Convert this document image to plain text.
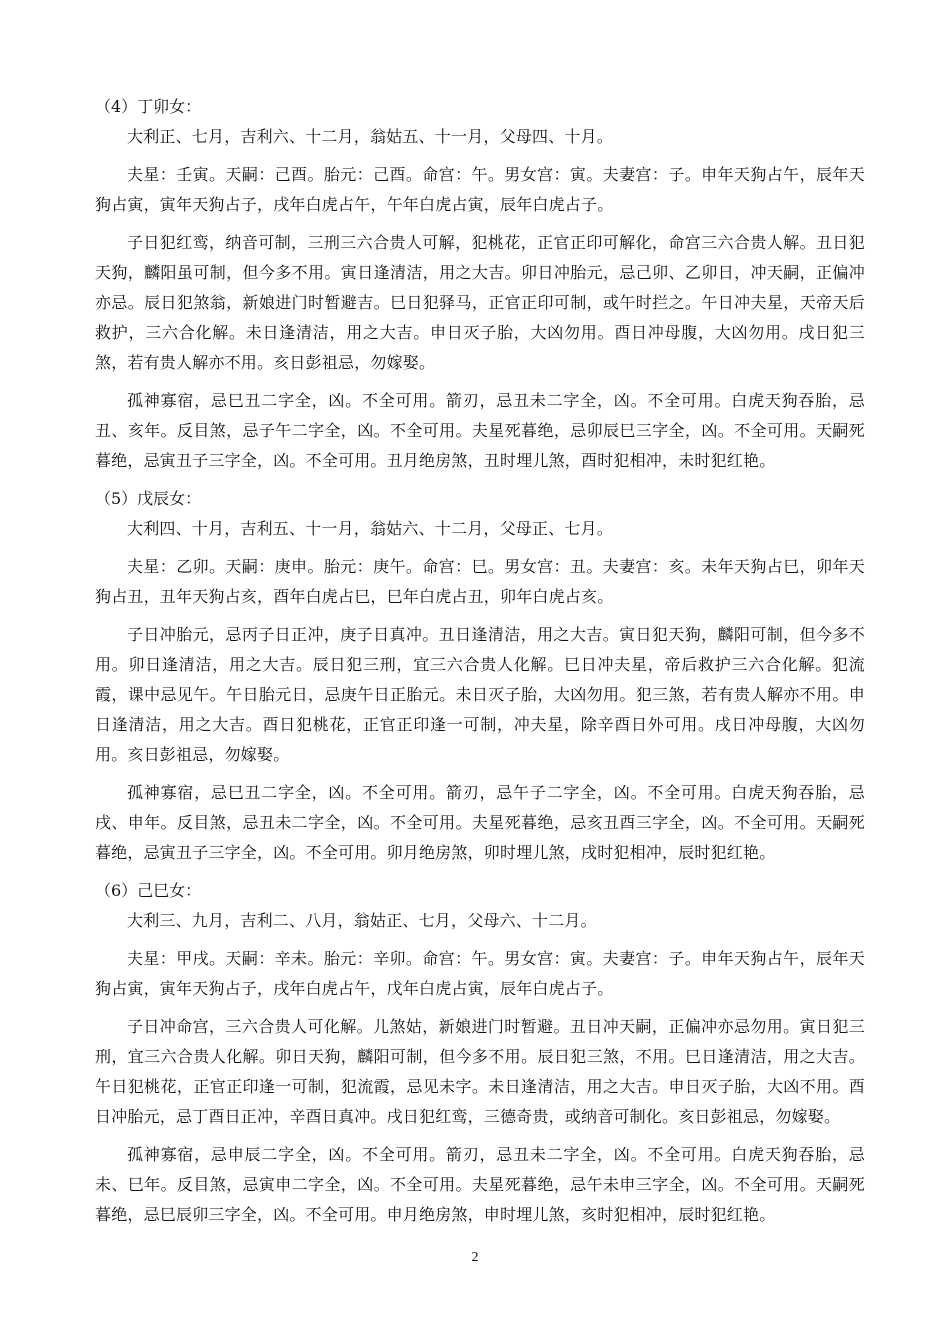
（4）丁卯女：

大利正、七月，吉利六、十二月，翁姑五、十一月，父母四、十月。

夫星：壬寅。天嗣：己酉。胎元：己酉。命宫：午。男女宫：寅。夫妻宫：子。申年天狗占午，辰年天狗占寅，寅年天狗占子，戌年白虎占午，午年白虎占寅，辰年白虎占子。

子日犯红鸾，纳音可制，三刑三六合贵人可解，犯桃花，正官正印可解化，命宫三六合贵人解。丑日犯天狗，麟阳虽可制，但今多不用。寅日逢清洁，用之大吉。卯日冲胎元，忌己卯、乙卯日，冲天嗣，正偏冲亦忌。辰日犯煞翁，新娘进门时暂避吉。巳日犯驿马，正官正印可制，或午时拦之。午日冲夫星，天帝天后救护，三六合化解。未日逢清洁，用之大吉。申日灭子胎，大凶勿用。酉日冲母腹，大凶勿用。戌日犯三煞，若有贵人解亦不用。亥日彭祖忌，勿嫁娶。

孤神寡宿，忌巳丑二字全，凶。不全可用。箭刃，忌丑未二字全，凶。不全可用。白虎天狗吞胎，忌丑、亥年。反目煞，忌子午二字全，凶。不全可用。夫星死暮绝，忌卯辰巳三字全，凶。不全可用。天嗣死暮绝，忌寅丑子三字全，凶。不全可用。丑月绝房煞，丑时埋儿煞，酉时犯相冲，未时犯红艳。

（5）戊辰女：

大利四、十月，吉利五、十一月，翁姑六、十二月，父母正、七月。

夫星：乙卯。天嗣：庚申。胎元：庚午。命宫：巳。男女宫：丑。夫妻宫：亥。未年天狗占巳，卯年天狗占丑，丑年天狗占亥，酉年白虎占巳，巳年白虎占丑，卯年白虎占亥。

子日冲胎元，忌丙子日正冲，庚子日真冲。丑日逢清洁，用之大吉。寅日犯天狗，麟阳可制，但今多不用。卯日逢清洁，用之大吉。辰日犯三刑，宜三六合贵人化解。巳日冲夫星，帝后救护三六合化解。犯流霞，课中忌见午。午日胎元日，忌庚午日正胎元。未日灭子胎，大凶勿用。犯三煞，若有贵人解亦不用。申日逢清洁，用之大吉。酉日犯桃花，正官正印逢一可制，冲夫星，除辛酉日外可用。戌日冲母腹，大凶勿用。亥日彭祖忌，勿嫁娶。

孤神寡宿，忌巳丑二字全，凶。不全可用。箭刃，忌午子二字全，凶。不全可用。白虎天狗吞胎，忌戌、申年。反目煞，忌丑未二字全，凶。不全可用。夫星死暮绝，忌亥丑酉三字全，凶。不全可用。天嗣死暮绝，忌寅丑子三字全，凶。不全可用。卯月绝房煞，卯时埋儿煞，戌时犯相冲，辰时犯红艳。

（6）己巳女：

大利三、九月，吉利二、八月，翁姑正、七月，父母六、十二月。

夫星：甲戌。天嗣：辛未。胎元：辛卯。命宫：午。男女宫：寅。夫妻宫：子。申年天狗占午，辰年天狗占寅，寅年天狗占子，戌年白虎占午，戊年白虎占寅，辰年白虎占子。

子日冲命宫，三六合贵人可化解。儿煞姑，新娘进门时暂避。丑日冲天嗣，正偏冲亦忌勿用。寅日犯三刑，宜三六合贵人化解。卯日天狗，麟阳可制，但今多不用。辰日犯三煞，不用。巳日逢清洁，用之大吉。午日犯桃花，正官正印逢一可制，犯流霞，忌见未字。未日逢清洁，用之大吉。申日灭子胎，大凶不用。酉日冲胎元，忌丁酉日正冲，辛酉日真冲。戌日犯红鸾，三德奇贵，或纳音可制化。亥日彭祖忌，勿嫁娶。

孤神寡宿，忌申辰二字全，凶。不全可用。箭刃，忌丑未二字全，凶。不全可用。白虎天狗吞胎，忌未、巳年。反目煞，忌寅申二字全，凶。不全可用。夫星死暮绝，忌午未申三字全，凶。不全可用。天嗣死暮绝，忌巳辰卯三字全，凶。不全可用。申月绝房煞，申时埋儿煞，亥时犯相冲，辰时犯红艳。

2
